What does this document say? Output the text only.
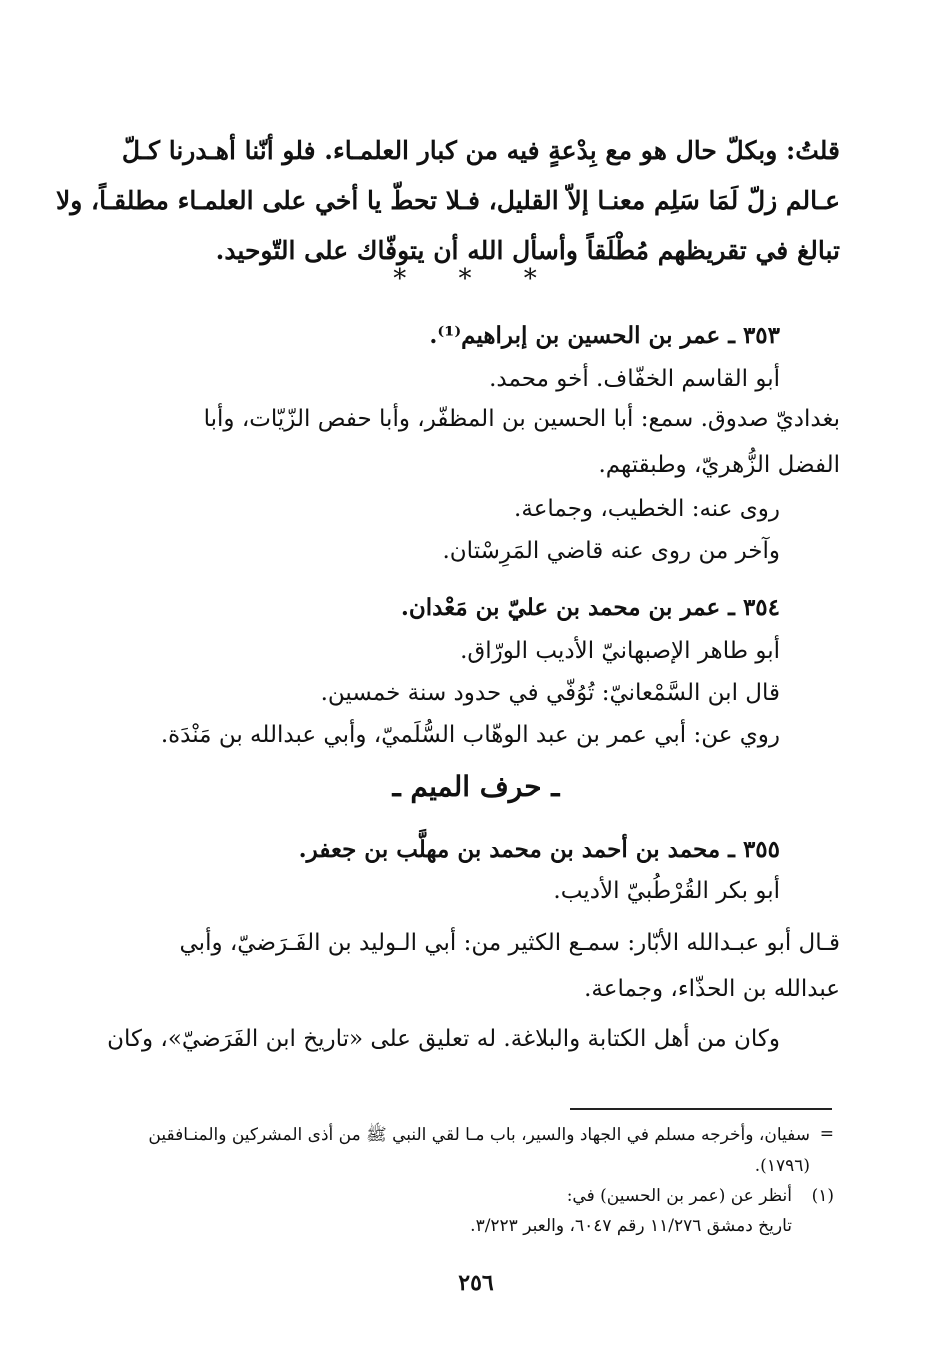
قلتُ: وبكلّ حال هو مع بِدْعةٍ فيه من كبار العلمـاء. فلو أنّنا أهـدرنا كـلّ
عـالم زلّ لَمَا سَلِم معنـا إلاّ القليل، فـلا تحطّ يا أخي على العلمـاء مطلقـاً، ولا
تبالغ في تقريظهم مُطْلَقاً وأسأل الله أن يتوفّاك على التّوحيد.
* * *
٣٥٣ ـ عمر بن الحسين بن إبراهيم⁽¹⁾.
أبو القاسم الخفّاف. أخو محمد.
بغداديّ صدوق. سمع: أبا الحسين بن المظفّر، وأبا حفص الزّيّات، وأبا
الفضل الزُّهريّ، وطبقتهم.
روى عنه: الخطيب، وجماعة.
وآخر من روى عنه قاضي المَرِسْتان.
٣٥٤ ـ عمر بن محمد بن عليّ بن مَعْدان.
أبو طاهر الإصبهانيّ الأديب الورّاق.
قال ابن السَّمْعانيّ: تُوُفّي في حدود سنة خمسين.
روي عن: أبي عمر بن عبد الوهّاب السُّلَميّ، وأبي عبدالله بن مَنْدَة.
ـ حرف الميم ـ
٣٥٥ ـ محمد بن أحمد بن محمد بن مهلَّب بن جعفر.
أبو بكر القُرْطُبيّ الأديب.
قـال أبو عبـدالله الأبّار: سمـع الكثير من: أبي الـوليد بن الفَـرَضيّ، وأبي
عبدالله بن الحذّاء، وجماعة.
وكان من أهل الكتابة والبلاغة. له تعليق على «تاريخ ابن الفَرَضيّ»، وكان
=
سفيان، وأخرجه مسلم في الجهاد والسير، باب مـا لقي النبي ﷺ من أذى المشركين والمنـافقين
(١٧٩٦).
(١)
أنظر عن (عمر بن الحسين) في:
تاريخ دمشق ١١/٢٧٦ رقم ٦٠٤٧، والعبر ٣/٢٢٣.
٢٥٦
